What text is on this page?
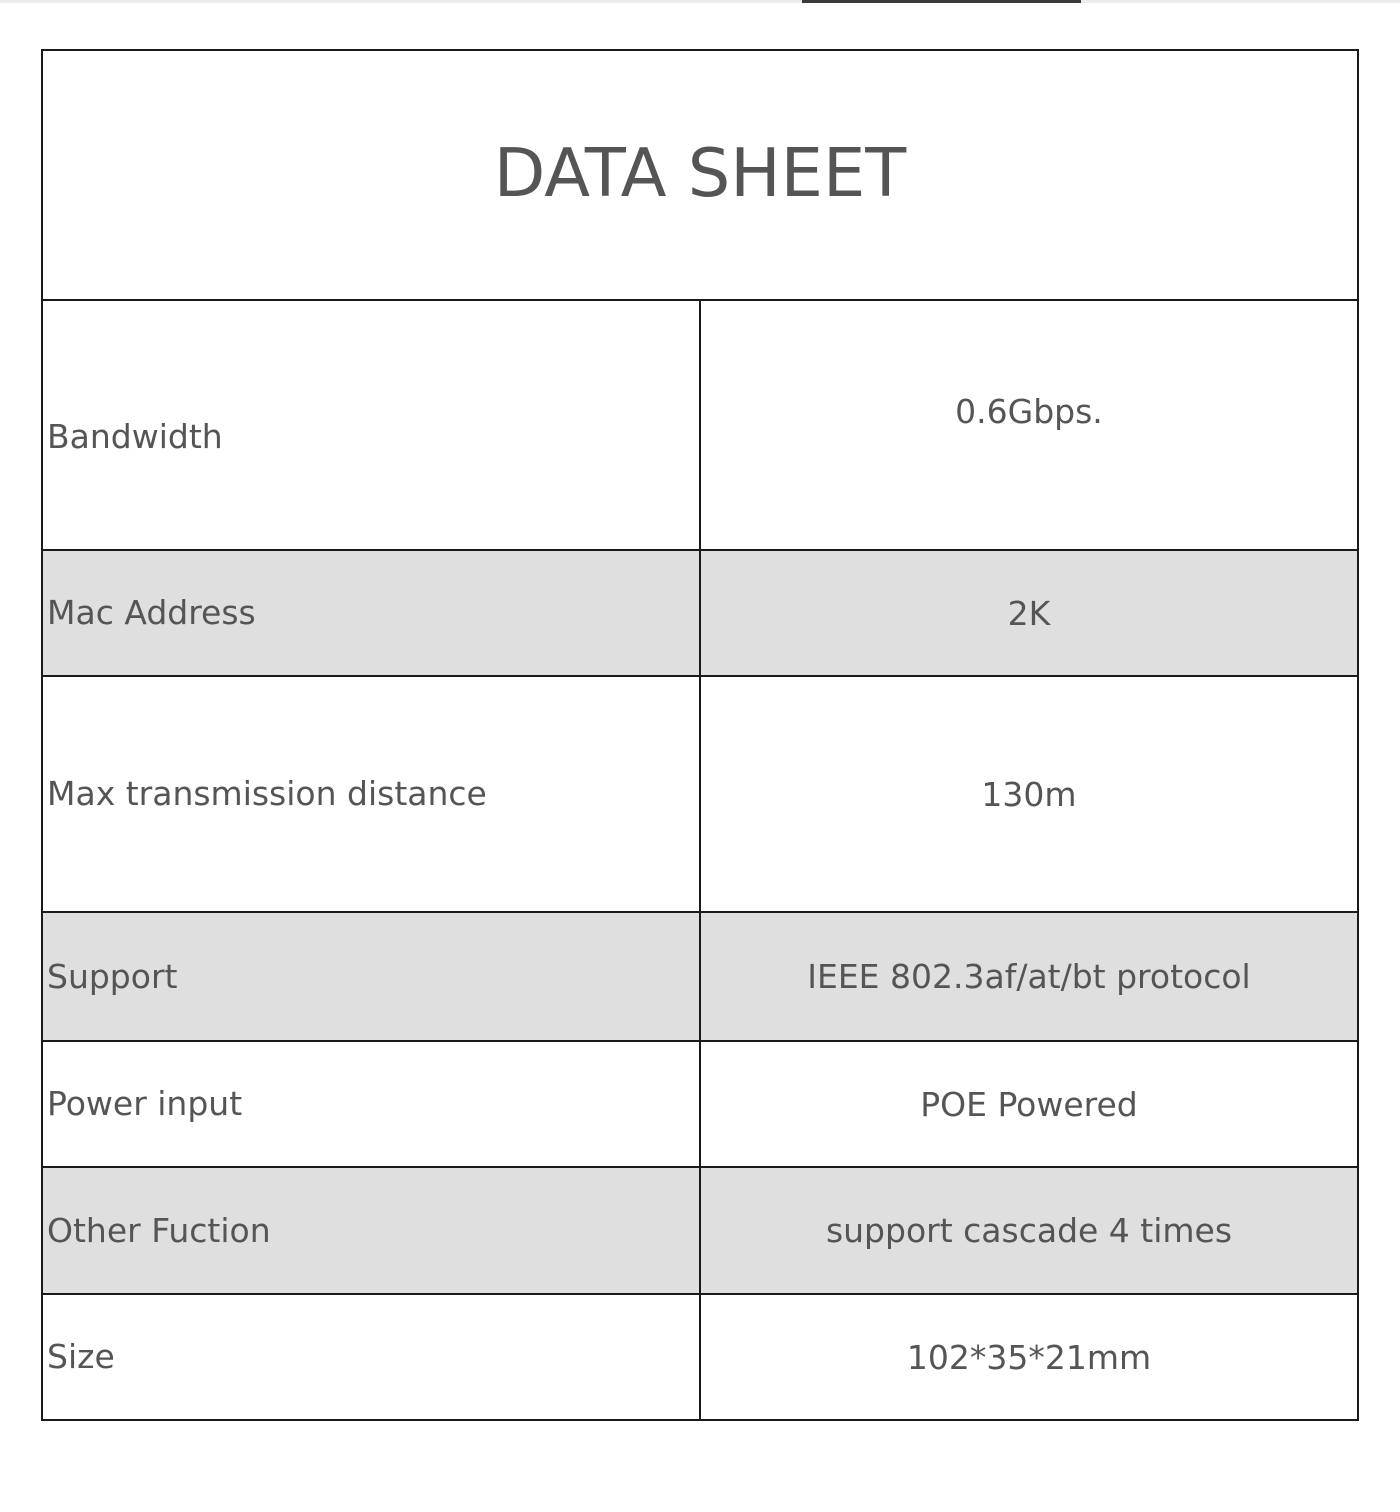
DATA SHEET	
Bandwidth	0.6Gbps.
Mac Address	2K
Max transmission distance	130m
Support	IEEE 802.3af/at/bt protocol
Power input	POE Powered
Other Fuction	support cascade 4 times
Size	102*35*21mm
